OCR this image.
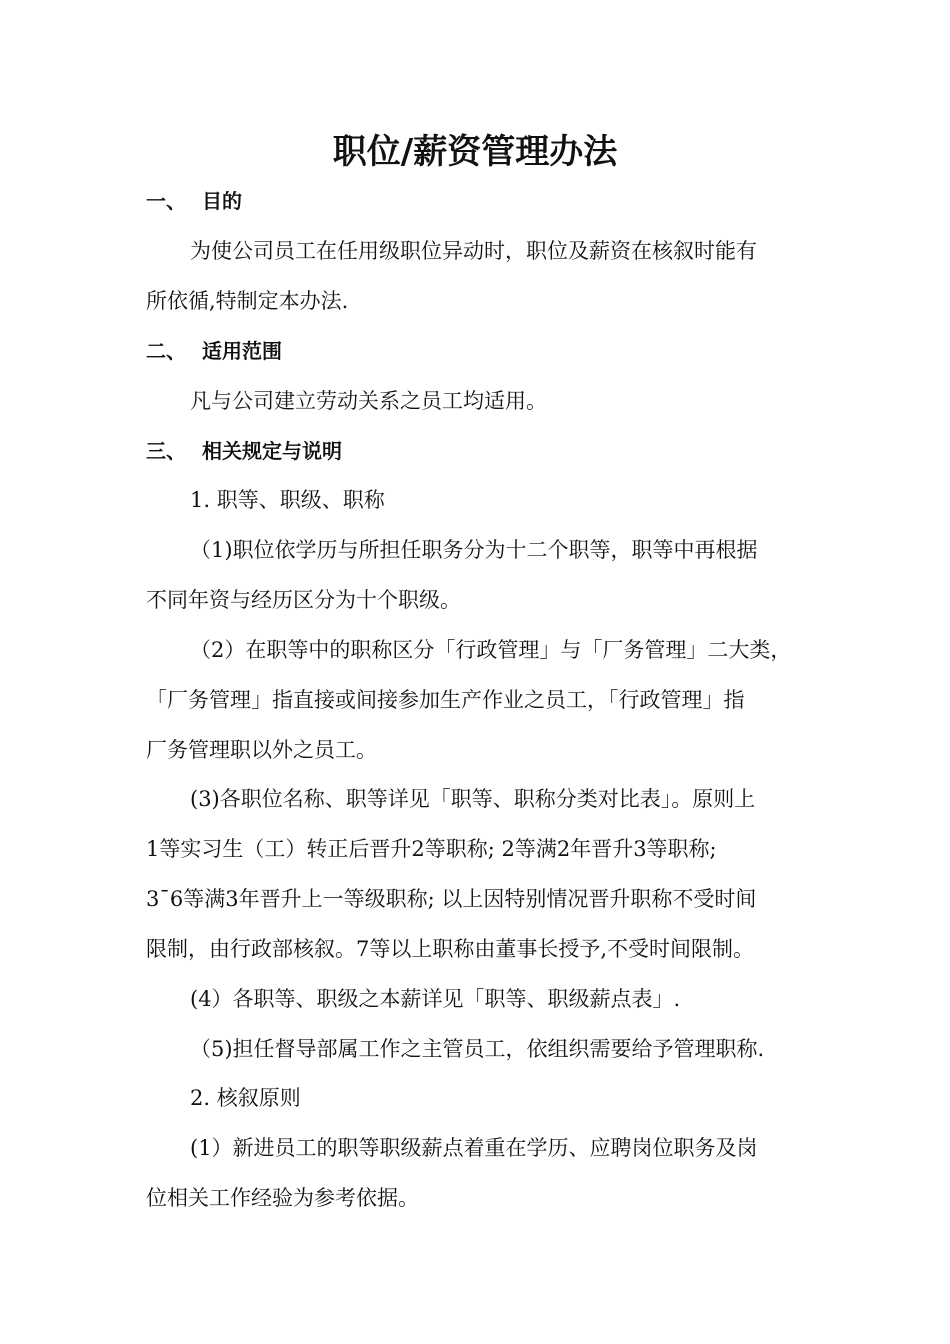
职位/薪资管理办法
一、 目的

为使公司员工在任用级职位异动时，职位及薪资在核叙时能有

所依循,特制定本办法.

二、 适用范围

凡与公司建立劳动关系之员工均适用。

三、 相关规定与说明

1. 职等、职级、职称

（1)职位依学历与所担任职务分为十二个职等，职等中再根据

不同年资与经历区分为十个职级。

（2）在职等中的职称区分「行政管理」与「厂务管理」二大类，

「厂务管理」指直接或间接参加生产作业之员工，「行政管理」指

厂务管理职以外之员工。

(3)各职位名称、职等详见「职等、职称分类对比表」。原则上

1等实习生（工）转正后晋升2等职称; 2等满2年晋升3等职称;

3¯6等满3年晋升上一等级职称; 以上因特别情况晋升职称不受时间

限制，由行政部核叙。7等以上职称由董事长授予,不受时间限制。

(4）各职等、职级之本薪详见「职等、职级薪点表」.

（5)担任督导部属工作之主管员工，依组织需要给予管理职称.

2. 核叙原则

(1）新进员工的职等职级薪点着重在学历、应聘岗位职务及岗

位相关工作经验为参考依据。
